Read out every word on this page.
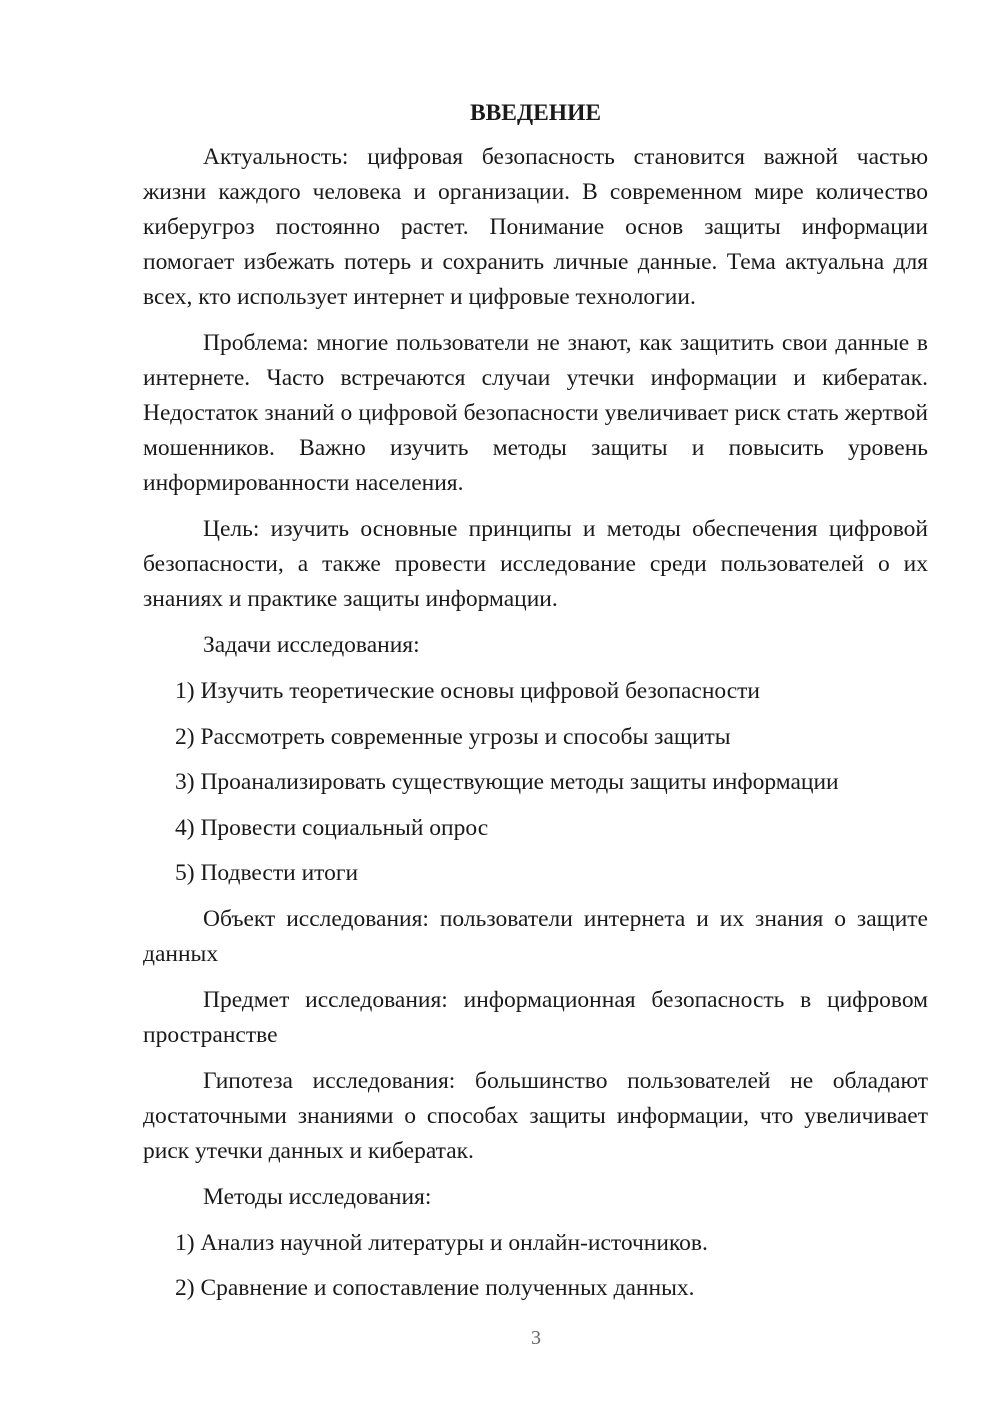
ВВЕДЕНИЕ
Актуальность: цифровая безопасность становится важной частью жизни каждого человека и организации. В современном мире количество киберугроз постоянно растет. Понимание основ защиты информации помогает избежать потерь и сохранить личные данные. Тема актуальна для всех, кто использует интернет и цифровые технологии.
Проблема: многие пользователи не знают, как защитить свои данные в интернете. Часто встречаются случаи утечки информации и кибератак. Недостаток знаний о цифровой безопасности увеличивает риск стать жертвой мошенников. Важно изучить методы защиты и повысить уровень информированности населения.
Цель: изучить основные принципы и методы обеспечения цифровой безопасности, а также провести исследование среди пользователей о их знаниях и практике защиты информации.
Задачи исследования:
1) Изучить теоретические основы цифровой безопасности
2) Рассмотреть современные угрозы и способы защиты
3) Проанализировать существующие методы защиты информации
4) Провести социальный опрос
5) Подвести итоги
Объект исследования: пользователи интернета и их знания о защите данных
Предмет исследования: информационная безопасность в цифровом пространстве
Гипотеза исследования: большинство пользователей не обладают достаточными знаниями о способах защиты информации, что увеличивает риск утечки данных и кибератак.
Методы исследования:
1) Анализ научной литературы и онлайн-источников.
2) Сравнение и сопоставление полученных данных.
3
